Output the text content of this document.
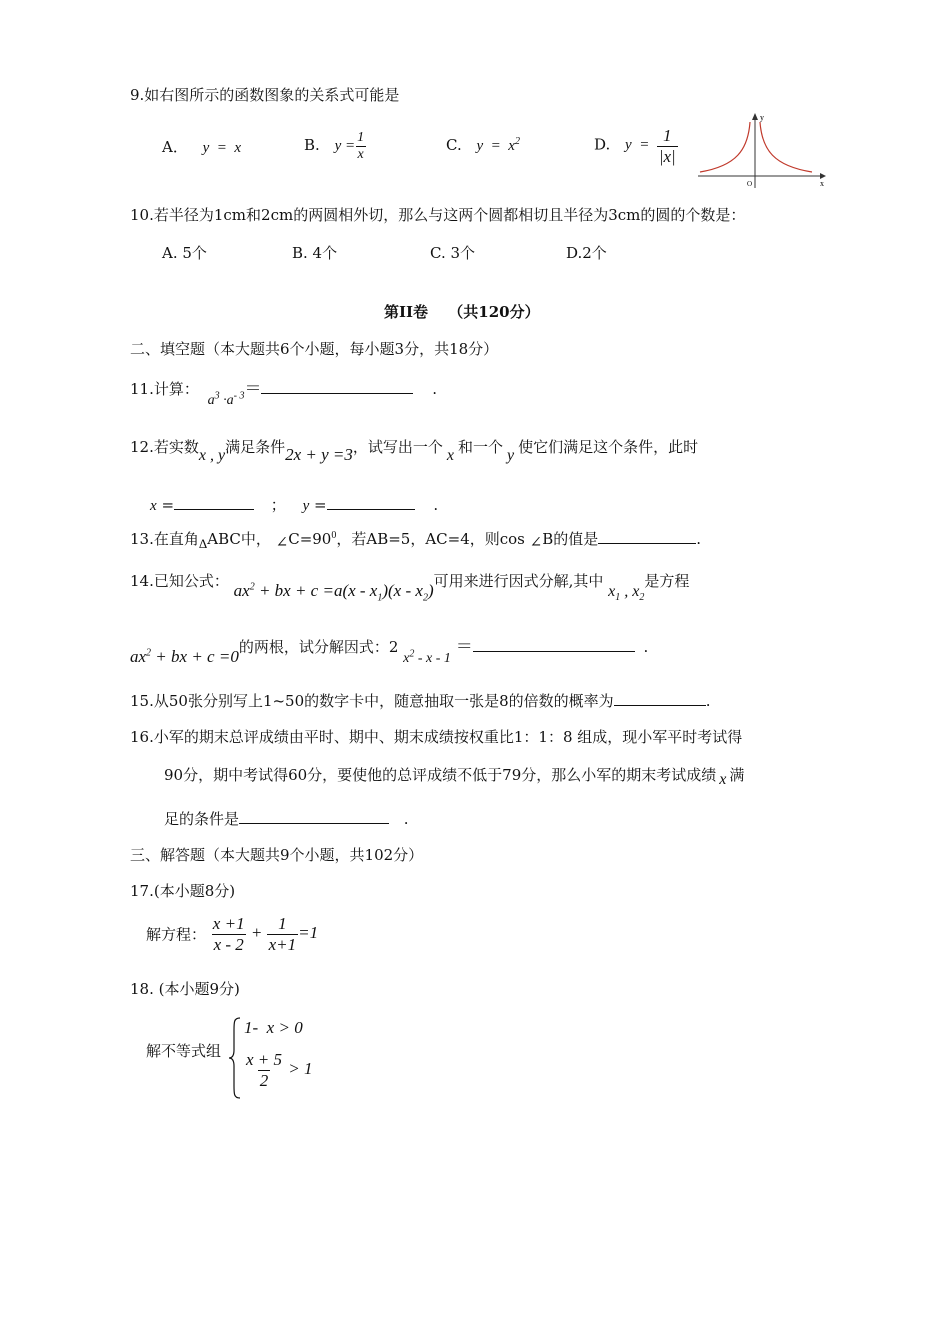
9.如右图所示的函数图象的关系式可能是
A． y  =  x	B. $y = \frac{1}{x}$	C. $y = x^2$	D. $y = \frac{1}{|x|}$
y
x
O
10.若半径为1cm和2cm的两圆相外切，那么与这两个圆都相切且半径为3cm的圆的个数是：
A. 5个	B. 4个	C. 3个	D.2个
第II卷　 （共120分）
二、填空题（本大题共6个小题，每小题3分，共18分）
11.计算： $a^3 \cdot a^{- 3}=$	.
12.若实数x , y满足条件2x + y =3，试写出一个 x 和一个 y 使它们满足这个条件，此时
x =	； y =	.
13.在直角ΔABC中， $\angle C=90^0$，若AB=5，AC=4，则cos ∠B的值是	.
14.已知公式： $ax^2$ + bx + $c =a(x - x_1)(x - x_2)$可用来进行因式分解,其中 $x_1$ , $x_2$是方程
$ax^2$ + bx + c =0的两根，试分解因式：2 $x^2$ - x - 1 ＝	.
15.从50张分别写上1~50的数字卡中，随意抽取一张是8的倍数的概率为	.
16.小军的期末总评成绩由平时、期中、期末成绩按权重比1：1：8 组成，现小军平时考试得
90分，期中考试得60分，要使他的总评成绩不低于79分，那么小军的期末考试成绩 x 满
足的条件是	.
三、解答题（本大题共9个小题，共102分）
17.(本小题8分)
解方程： $\frac{x +1}{x - 2} + \frac{1}{x+1} =1$
18. (本小题9分)
解不等式组
1-  x > 0
$\frac{x + 5}{2} > 1$
